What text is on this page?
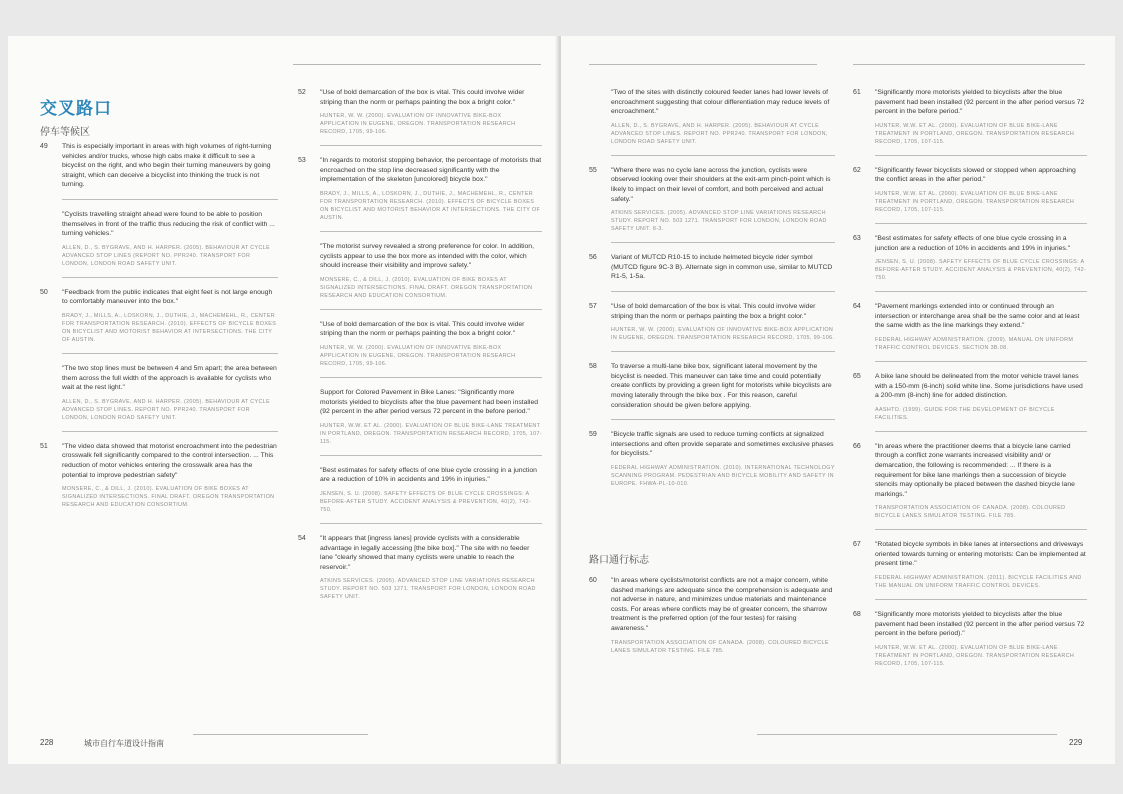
交叉路口
停车等候区
49 This is especially important in areas with high volumes of right-turning vehicles and/or trucks, whose high cabs make it difficult to see a bicyclist on the right, and who begin their turning maneuvers by going straight, which can deceive a bicyclist into thinking the truck is not turning.

"Cyclists travelling straight ahead were found to be able to position themselves in front of the traffic thus reducing the risk of conflict with ... turning vehicles."

ALLEN, D., S. BYGRAVE, AND H. HARPER. (2005). BEHAVIOUR AT CYCLE ADVANCED STOP LINES (REPORT NO. PPR240. TRANSPORT FOR LONDON, LONDON ROAD SAFETY UNIT.

50 "Feedback from the public indicates that eight feet is not large enough to comfortably maneuver into the box."

BRADY, J., MILLS, A., LOSKORN, J., DUTHIE, J., MACHEMEHL, R., CENTER FOR TRANSPORTATION RESEARCH. (2010). EFFECTS OF BICYCLE BOXES ON BICYCLIST AND MOTORIST BEHAVIOR AT INTERSECTIONS. THE CITY OF AUSTIN.

"The two stop lines must be between 4 and 5m apart; the area between them across the full width of the approach is available for cyclists who wait at the rest light."

ALLEN, D., S. BYGRAVE, AND H. HARPER. (2005). BEHAVIOUR AT CYCLE ADVANCED STOP LINES. REPORT NO. PPR240. TRANSPORT FOR LONDON, LONDON ROAD SAFETY UNIT.

51 "The video data showed that motorist encroachment into the pedestrian crosswalk fell significantly compared to the control intersection. ... This reduction of motor vehicles entering the crosswalk area has the potential to improve pedestrian safety"

MONSERE, C., & DILL, J. (2010). EVALUATION OF BIKE BOXES AT SIGNALIZED INTERSECTIONS. FINAL DRAFT. OREGON TRANSPORTATION RESEARCH AND EDUCATION CONSORTIUM.

52 "Use of bold demarcation of the box is vital. This could involve wider striping than the norm or perhaps painting the box a bright color."

HUNTER, W. W. (2000). EVALUATION OF INNOVATIVE BIKE-BOX APPLICATION IN EUGENE, OREGON. TRANSPORTATION RESEARCH RECORD, 1705, 99-106.

53 "In regards to motorist stopping behavior, the percentage of motorists that encroached on the stop line decreased significantly with the implementation of the skeleton [uncolored] bicycle box."

BRADY, J., MILLS, A., LOSKORN, J., DUTHIE, J., MACHEMEHL, R., CENTER FOR TRANSPORTATION RESEARCH. (2010). EFFECTS OF BICYCLE BOXES ON BICYCLIST AND MOTORIST BEHAVIOR AT INTERSECTIONS. THE CITY OF AUSTIN.

"The motorist survey revealed a strong preference for color. In addition, cyclists appear to use the box more as intended with the color, which should increase their visibility and improve safety."

MONSERE, C., & DILL, J. (2010). EVALUATION OF BIKE BOXES AT SIGNALIZED INTERSECTIONS. FINAL DRAFT. OREGON TRANSPORTATION RESEARCH AND EDUCATION CONSORTIUM.

"Use of bold demarcation of the box is vital. This could involve wider striping than the norm or perhaps painting the box a bright color."

HUNTER, W. W. (2000). EVALUATION OF INNOVATIVE BIKE-BOX APPLICATION IN EUGENE, OREGON. TRANSPORTATION RESEARCH RECORD, 1705, 99-106.

Support for Colored Pavement in Bike Lanes: "Significantly more motorists yielded to bicyclists after the blue pavement had been installed (92 percent in the after period versus 72 percent in the before period."

HUNTER, W.W. ET AL. (2000). EVALUATION OF BLUE BIKE-LANE TREATMENT IN PORTLAND, OREGON. TRANSPORTATION RESEARCH RECORD, 1705, 107-115.

"Best estimates for safety effects of one blue cycle crossing in a junction are a reduction of 10% in accidents and 19% in injuries."

JENSEN, S. U. (2008). SAFETY EFFECTS OF BLUE CYCLE CROSSINGS: A BEFORE-AFTER STUDY. ACCIDENT ANALYSIS & PREVENTION, 40(2), 742-750.

54 "It appears that [ingress lanes] provide cyclists with a considerable advantage in legally accessing [the bike box]." The site with no feeder lane "clearly showed that many cyclists were unable to reach the reservoir."

ATKINS SERVICES. (2005). ADVANCED STOP LINE VARIATIONS RESEARCH STUDY. REPORT NO. 503 1271. TRANSPORT FOR LONDON, LONDON ROAD SAFETY UNIT.

228	城市自行车道设计指南

"Two of the sites with distinctly coloured feeder lanes had lower levels of encroachment suggesting that colour differentiation may reduce levels of encroachment."

ALLEN, D., S. BYGRAVE, AND H. HARPER. (2005). BEHAVIOUR AT CYCLE ADVANCED STOP LINES. REPORT NO. PPR240. TRANSPORT FOR LONDON, LONDON ROAD SAFETY UNIT.

55 "Where there was no cycle lane across the junction, cyclists were observed looking over their shoulders at the exit-arm pinch-point which is likely to impact on their level of comfort, and both perceived and actual safety."

ATKINS SERVICES. (2005). ADVANCED STOP LINE VARIATIONS RESEARCH STUDY. REPORT NO. 503 1271. TRANSPORT FOR LONDON, LONDON ROAD SAFETY UNIT. 8-3.

56 Variant of MUTCD R10-15 to include helmeted bicycle rider symbol (MUTCD figure 9C-3 B). Alternate sign in common use, similar to MUTCD R1-5, 1-5a.

57 "Use of bold demarcation of the box is vital. This could involve wider striping than the norm or perhaps painting the box a bright color."

HUNTER, W. W. (2000). EVALUATION OF INNOVATIVE BIKE-BOX APPLICATION IN EUGENE, OREGON. TRANSPORTATION RESEARCH RECORD, 1705, 99-106.

58 To traverse a multi-lane bike box, significant lateral movement by the bicyclist is needed. This maneuver can take time and could potentially create conflicts by providing a green light for motorists while bicyclists are moving laterally through the bike box . For this reason, careful consideration should be given before applying.

59 "Bicycle traffic signals are used to reduce turning conflicts at signalized intersections and often provide separate and sometimes exclusive phases for bicyclists."

FEDERAL HIGHWAY ADMINISTRATION. (2010). INTERNATIONAL TECHNOLOGY SCANNING PROGRAM. PEDESTRIAN AND BICYCLE MOBILITY AND SAFETY IN EUROPE. FHWA-PL-10-010.

路口通行标志
60 "In areas where cyclists/motorist conflicts are not a major concern, white dashed markings are adequate since the comprehension is adequate and not adverse in nature, and minimizes undue materials and maintenance costs. For areas where conflicts may be of greater concern, the sharrow treatment is the preferred option (of the four testes) for raising awareness."

TRANSPORTATION ASSOCIATION OF CANADA. (2008). COLOURED BICYCLE LANES SIMULATOR TESTING. FILE 785.

61 "Significantly more motorists yielded to bicyclists after the blue pavement had been installed (92 percent in the after period versus 72 percent in the before period."

HUNTER, W.W. ET AL. (2000). EVALUATION OF BLUE BIKE-LANE TREATMENT IN PORTLAND, OREGON. TRANSPORTATION RESEARCH RECORD, 1705, 107-115.

62 "Significantly fewer bicyclists slowed or stopped when approaching the conflict areas in the after period."

HUNTER, W.W. ET AL. (2000). EVALUATION OF BLUE BIKE-LANE TREATMENT IN PORTLAND, OREGON. TRANSPORTATION RESEARCH RECORD, 1705, 107-115.

63 "Best estimates for safety effects of one blue cycle crossing in a junction are a reduction of 10% in accidents and 19% in injuries."

JENSEN, S. U. (2008). SAFETY EFFECTS OF BLUE CYCLE CROSSINGS: A BEFORE-AFTER STUDY. ACCIDENT ANALYSIS & PREVENTION, 40(2), 742-750.

64 "Pavement markings extended into or continued through an intersection or interchange area shall be the same color and at least the same width as the line markings they extend."

FEDERAL HIGHWAY ADMINISTRATION. (2009). MANUAL ON UNIFORM TRAFFIC CONTROL DEVICES. SECTION 3B.08.

65 A bike lane should be delineated from the motor vehicle travel lanes with a 150-mm (6-inch) solid white line. Some jurisdictions have used a 200-mm (8-inch) line for added distinction.

AASHTO. (1999). GUIDE FOR THE DEVELOPMENT OF BICYCLE FACILITIES.

66 "In areas where the practitioner deems that a bicycle lane carried through a conflict zone warrants increased visibility and/ or demarcation, the following is recommended: ... If there is a requirement for bike lane markings then a succession of bicycle stencils may optionally be placed between the dashed bicycle lane markings."

TRANSPORTATION ASSOCIATION OF CANADA. (2008). COLOURED BICYCLE LANES SIMULATOR TESTING. FILE 785.

67 "Rotated bicycle symbols in bike lanes at intersections and driveways oriented towards turning or entering motorists: Can be implemented at present time."

FEDERAL HIGHWAY ADMINISTRATION. (2011). BICYCLE FACILITIES AND THE MANUAL ON UNIFORM TRAFFIC CONTROL DEVICES.

68 "Significantly more motorists yielded to bicyclists after the blue pavement had been installed (92 percent in the after period versus 72 percent in the before period)."

HUNTER, W.W. ET AL. (2000). EVALUATION OF BLUE BIKE-LANE TREATMENT IN PORTLAND, OREGON. TRANSPORTATION RESEARCH RECORD, 1705, 107-115.

229
